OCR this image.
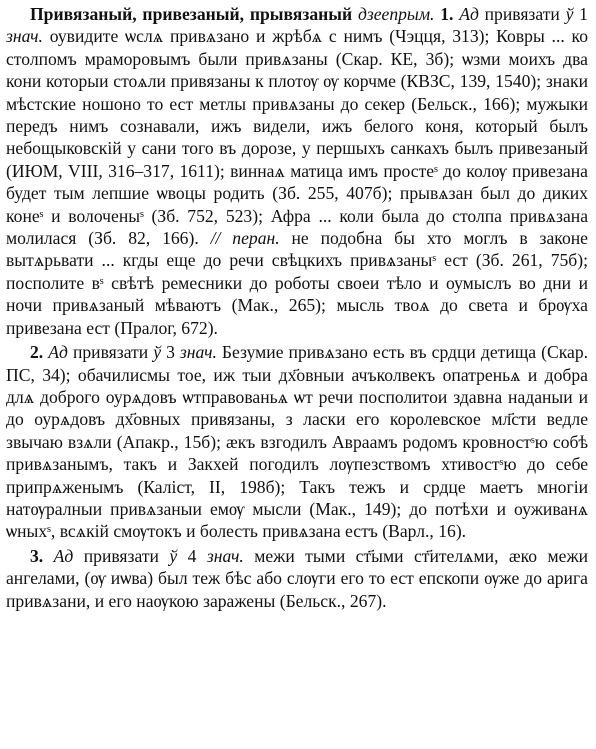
Привязаный, привезаный, прывязаный дзеепрым. 1. Ад привязати ў 1 знач. оувидите ѡслѧ привѧзано и жрѣбѧ с нимъ (Чэцця, 313); Ковры ... ко столпомъ мраморовымъ были привѧзаны (Скар. КЕ, 3б); ѡзми моихъ два кони которыи стоѧли привязаны к плотѹ ѹ корчме (КВЗС, 139, 1540); знаки мѣстские ношоно то ест метлы привѧзаны до секер (Бельск., 166); мужыки передъ нимъ сознавали, ижъ видели, ижъ белого коня, который былъ небощыковскій у сани того въ дорозе, у першыхъ санкахъ былъ привезаный (ИЮМ, VIII, 316–317, 1611); виннаѧ матица имъ простеˢ до колѹ привезана будет тым лепшие ѡвоцы родить (Зб. 255, 407б); прывѧзан был до диких конеˢ и волоченыˢ (Зб. 752, 523); Афра ... коли была до столпа привѧзана молилася (Зб. 82, 166). // перан. не подобна бы хто моглъ в законе вытѧрьвати ... кгды еще до речи свѣцкихъ привѧзаныˢ ест (Зб. 261, 75б); посполите вˢ свѣтѣ ремесники до роботы своеи тѣло и оумыслъ во дни и ночи привѧзаный мѣваютъ (Мак., 265); мысль твоѧ до света и брѹха привезана ест (Пралог, 672).

2. Ад привязати ў 3 знач. Безумие привѧзано есть въ срдци детища (Скар. ПС, 34); обачилисмы тое, иж тыи дх҃овныи ачъколвекъ опатреньѧ и добра длѧ доброго оурѧдовъ ѡтправованьѧ ѡт речи посполитои здавна наданыи и до оурѧдовъ дх҃овных привязаны, з ласки его королевское мл҃сти ведле звычаю взѧли (Апакр., 15б); ӕкъ взгодилъ Авраамъ родомъ кровностˢю собѣ привѧзанымъ, такъ и Закхей погодилъ лѹпезствомъ хтивостˢю до себе припрѧженымъ (Каліст, II, 198б); Такъ тежъ и срдце маетъ многіи натѹралныи привѧзаныи емѹ мысли (Мак., 149); до потѣхи и оуживанѧ ѡныхˢ, всѧкій смѹтокъ и болесть привѧзана естъ (Варл., 16).

3. Ад привязати ў 4 знач. межи тыми ст҃ыми ст҃ителѧми, ӕко межи ангелами, (ѹ иѡва) был теж бѣс або слѹги его то ест епскопи ѹже до арига привѧзани, и его наѹкою заражены (Бельск., 267).
